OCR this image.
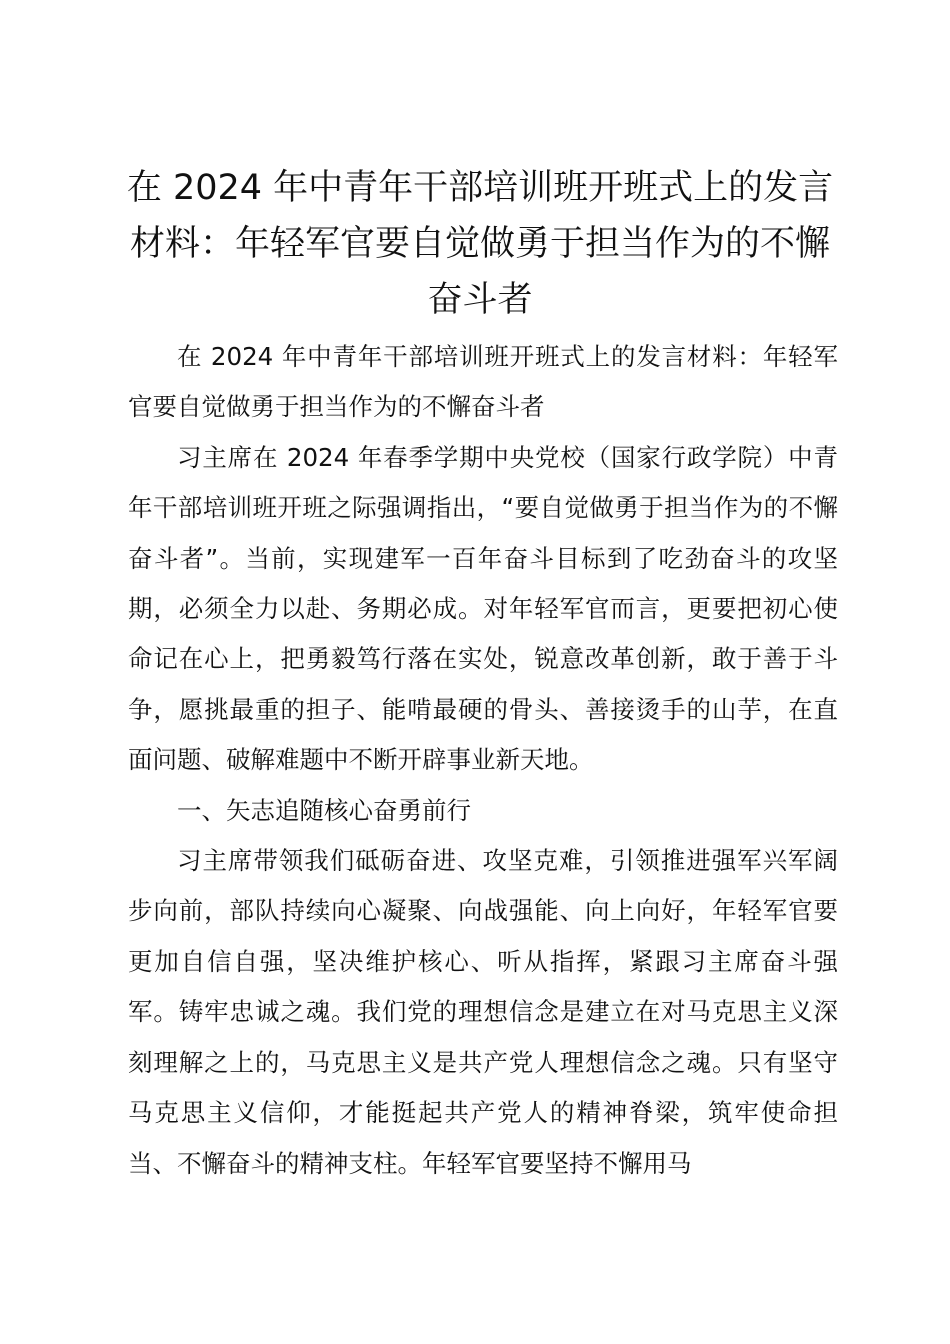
在 2024 年中青年干部培训班开班式上的发言材料：年轻军官要自觉做勇于担当作为的不懈奋斗者

在 2024 年中青年干部培训班开班式上的发言材料：年轻军官要自觉做勇于担当作为的不懈奋斗者

习主席在 2024 年春季学期中央党校（国家行政学院）中青年干部培训班开班之际强调指出，“要自觉做勇于担当作为的不懈奋斗者”。当前，实现建军一百年奋斗目标到了吃劲奋斗的攻坚期，必须全力以赴、务期必成。对年轻军官而言，更要把初心使命记在心上，把勇毅笃行落在实处，锐意改革创新，敢于善于斗争，愿挑最重的担子、能啃最硬的骨头、善接烫手的山芋，在直面问题、破解难题中不断开辟事业新天地。

一、矢志追随核心奋勇前行

习主席带领我们砥砺奋进、攻坚克难，引领推进强军兴军阔步向前，部队持续向心凝聚、向战强能、向上向好，年轻军官要更加自信自强，坚决维护核心、听从指挥，紧跟习主席奋斗强军。铸牢忠诚之魂。我们党的理想信念是建立在对马克思主义深刻理解之上的，马克思主义是共产党人理想信念之魂。只有坚守马克思主义信仰，才能挺起共产党人的精神脊梁，筑牢使命担当、不懈奋斗的精神支柱。年轻军官要坚持不懈用马
